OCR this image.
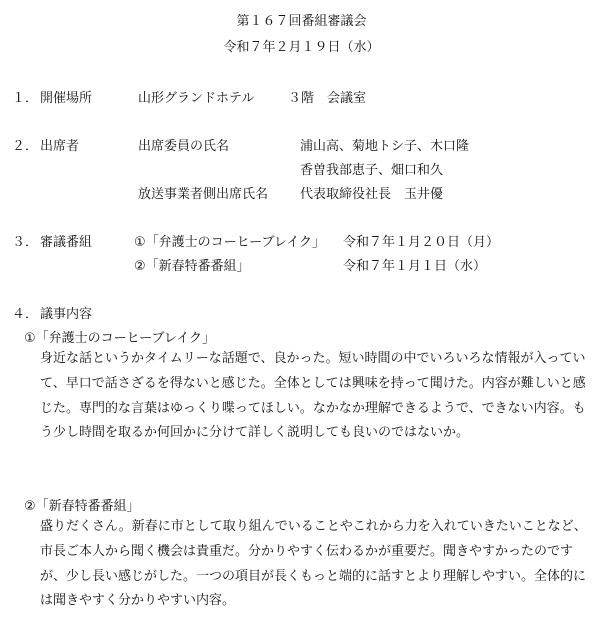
第１６７回番組審議会
令和７年２月１９日（水）
１． 開催場所	山形グランドホテル	３階　会議室
２． 出席者	出席委員の氏名	浦山高、菊地トシ子、木口隆
香曽我部恵子、畑口和久
放送事業者側出席氏名 代表取締役社長　玉井優
３． 審議番組	①「弁護士のコーヒーブレイク」 令和７年１月２０日（月）
②「新春特番番組」	令和７年１月１日（水）
４． 議事内容
①「弁護士のコーヒーブレイク」
身近な話というかタイムリーな話題で、良かった。短い時間の中でいろいろな情報が入っていて、早口で話さざるを得ないと感じた。全体としては興味を持って聞けた。内容が難しいと感じた。専門的な言葉はゆっくり喋ってほしい。なかなか理解できるようで、できない内容。もう少し時間を取るか何回かに分けて詳しく説明しても良いのではないか。
②「新春特番番組」
盛りだくさん。新春に市として取り組んでいることやこれから力を入れていきたいことなど、市長ご本人から聞く機会は貴重だ。分かりやすく伝わるかが重要だ。聞きやすかったのですが、少し長い感じがした。一つの項目が長くもっと端的に話すとより理解しやすい。全体的には聞きやすく分かりやすい内容。
